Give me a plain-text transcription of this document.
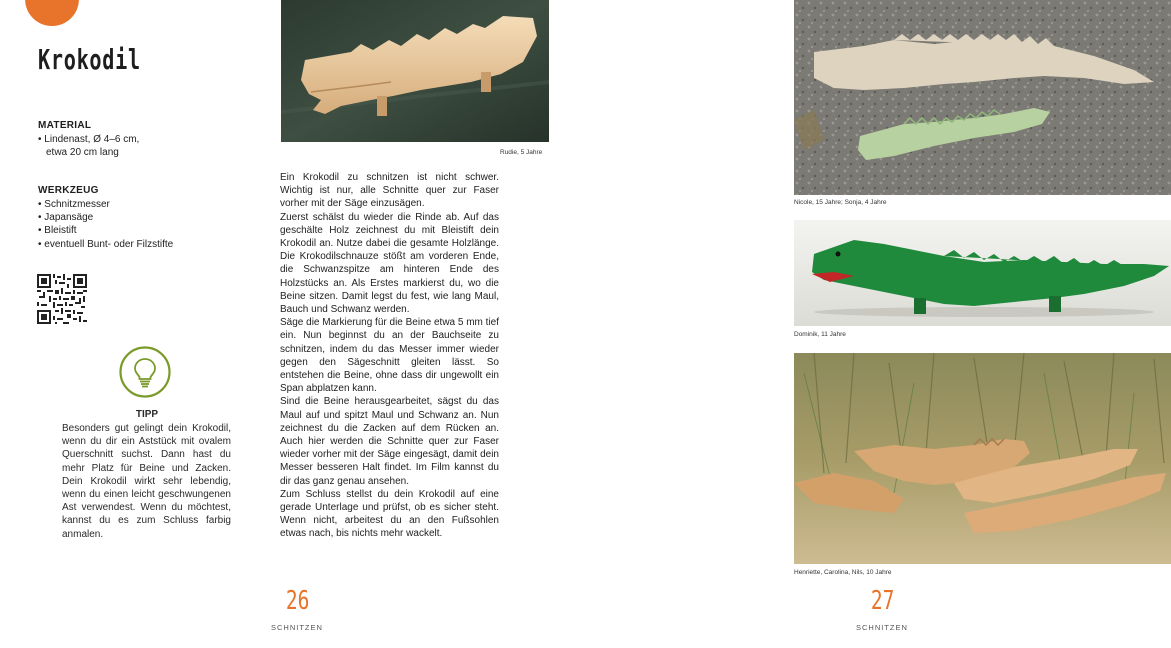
Krokodil
MATERIAL
• Lindenast, Ø 4–6 cm,
etwa 20 cm lang
WERKZEUG
• Schnitzmesser
• Japansäge
• Bleistift
• eventuell Bunt- oder Filzstifte
TIPP
Besonders gut gelingt dein Krokodil, wenn du dir ein Aststück mit ovalem Querschnitt suchst. Dann hast du mehr Platz für Beine und Zacken. Dein Krokodil wirkt sehr lebendig, wenn du einen leicht geschwungenen Ast verwendest. Wenn du möchtest, kannst du es zum Schluss farbig anmalen.
Rudie, 5 Jahre

Ein Krokodil zu schnitzen ist nicht schwer. Wichtig ist nur, alle Schnitte quer zur Faser vorher mit der Säge einzusägen.

Zuerst schälst du wieder die Rinde ab. Auf das geschälte Holz zeichnest du mit Bleistift dein Krokodil an. Nutze dabei die gesamte Holzlänge. Die Krokodilschnauze stößt am vorderen Ende, die Schwanzspitze am hinteren Ende des Holzstücks an. Als Erstes markierst du, wo die Beine sitzen. Damit legst du fest, wie lang Maul, Bauch und Schwanz werden.

Säge die Markierung für die Beine etwa 5 mm tief ein. Nun beginnst du an der Bauchseite zu schnitzen, indem du das Messer immer wieder gegen den Sägeschnitt gleiten lässt. So entstehen die Beine, ohne dass dir ungewollt ein Span abplatzen kann.

Sind die Beine herausgearbeitet, sägst du das Maul auf und spitzt Maul und Schwanz an. Nun zeichnest du die Zacken auf dem Rücken an. Auch hier werden die Schnitte quer zur Faser wieder vorher mit der Säge eingesägt, damit dein Messer besseren Halt findet. Im Film kannst du dir das ganz genau ansehen.

Zum Schluss stellst du dein Krokodil auf eine gerade Unterlage und prüfst, ob es sicher steht. Wenn nicht, arbeitest du an den Fußsohlen etwas nach, bis nichts mehr wackelt.

26
SCHNITZEN
Nicole, 15 Jahre; Sonja, 4 Jahre
Dominik, 11 Jahre
Henriette, Carolina, Nils, 10 Jahre
27
SCHNITZEN
